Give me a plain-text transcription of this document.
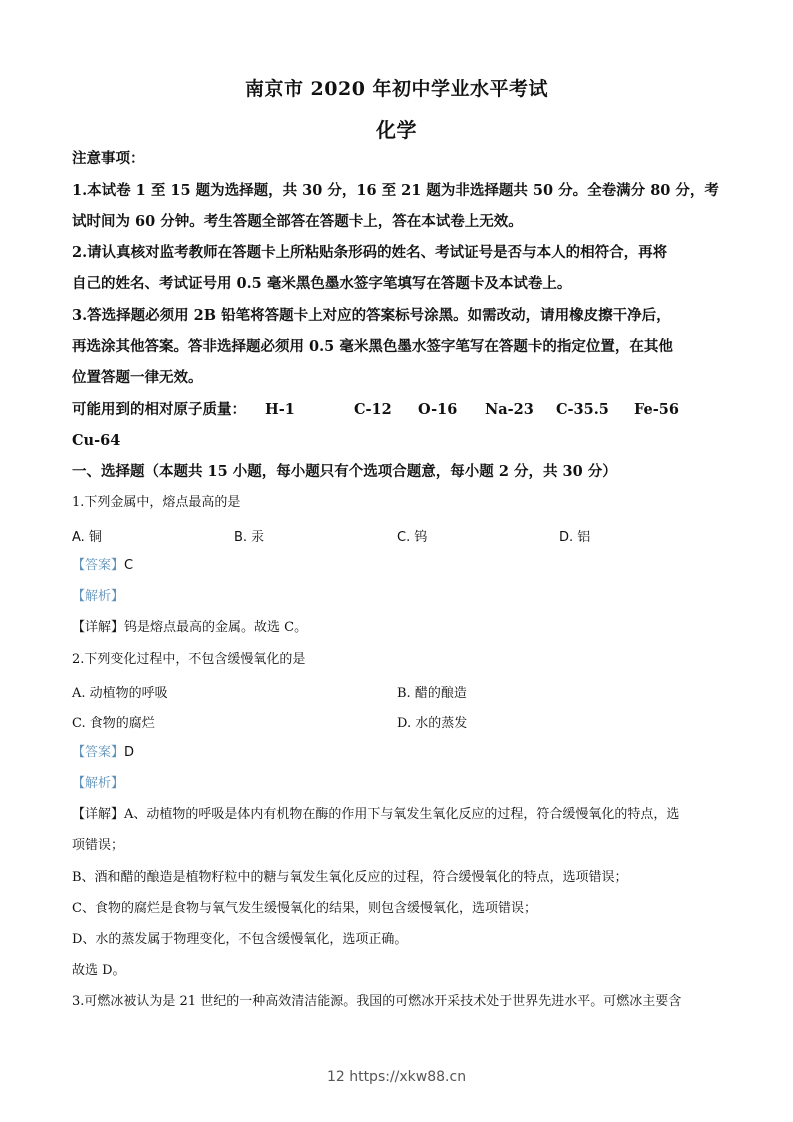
南京市 2020 年初中学业水平考试
化学
注意事项：
1.本试卷 1 至 15 题为选择题，共 30 分，16 至 21 题为非选择题共 50 分。全卷满分 80 分，考
试时间为 60 分钟。考生答题全部答在答题卡上，答在本试卷上无效。
2.请认真核对监考教师在答题卡上所粘贴条形码的姓名、考试证号是否与本人的相符合，再将
自己的姓名、考试证号用 0.5 毫米黑色墨水签字笔填写在答题卡及本试卷上。
3.答选择题必须用 2B 铅笔将答题卡上对应的答案标号涂黑。如需改动，请用橡皮擦干净后，
再选涂其他答案。答非选择题必须用 0.5 毫米黑色墨水签字笔写在答题卡的指定位置，在其他
位置答题一律无效。
可能用到的相对原子质量： H-1	C-12 O-16 Na-23 C-35.5 Fe-56
Cu-64
一、选择题（本题共 15 小题，每小题只有个选项合题意，每小题 2 分，共 30 分）
1.下列金属中，熔点最高的是
A. 铜	B. 汞	C. 钨	D. 铝
【答案】C
【解析】
【详解】钨是熔点最高的金属。故选 C。
2.下列变化过程中，不包含缓慢氧化的是
A. 动植物的呼吸	B. 醋的酿造
C. 食物的腐烂	D. 水的蒸发
【答案】D
【解析】
【详解】A、动植物的呼吸是体内有机物在酶的作用下与氧发生氧化反应的过程，符合缓慢氧化的特点，选
项错误；
B、酒和醋的酿造是植物籽粒中的糖与氧发生氧化反应的过程，符合缓慢氧化的特点，选项错误；
C、食物的腐烂是食物与氧气发生缓慢氧化的结果，则包含缓慢氧化，选项错误；
D、水的蒸发属于物理变化，不包含缓慢氧化，选项正确。
故选 D。
3.可燃冰被认为是 21 世纪的一种高效清洁能源。我国的可燃冰开采技术处于世界先进水平。可燃冰主要含
12 https://xkw88.cn
